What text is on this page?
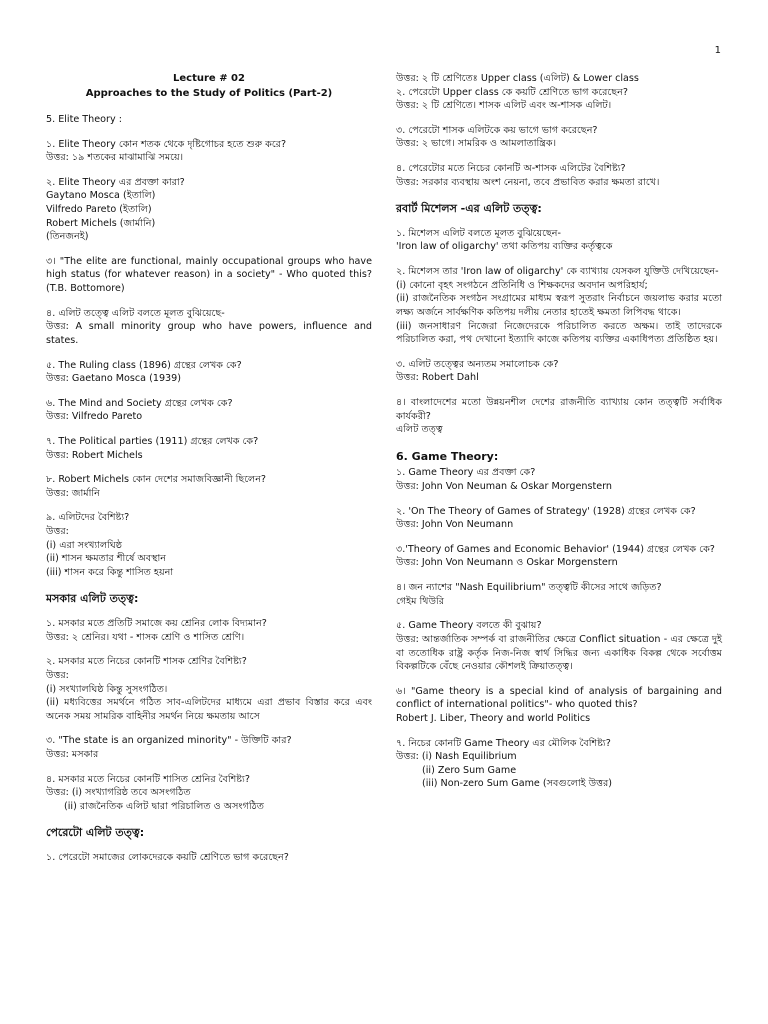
1
Lecture # 02
Approaches to the Study of Politics (Part-2)
5. Elite Theory :
১. Elite Theory কোন শতক থেকে দৃষ্টিগোচর হতে শুরু করে?
উত্তর: ১৯ শতকের মাঝামাঝি সময়ে।
২. Elite Theory এর প্রবক্তা কারা?
Gaytano Mosca (ইতালি)
Vilfredo Pareto (ইতালি)
Robert Michels (জার্মানি)
(তিনজনই)
৩। "The elite are functional, mainly occupational groups who have high status (for whatever reason) in a society" - Who quoted this? (T.B. Bottomore)
৪. এলিট তত্ত্বে এলিট বলতে মূলত বুঝিয়েছে-
উত্তর: A small minority group who have powers, influence and states.
৫. The Ruling class (1896) গ্রন্থের লেখক কে?
উত্তর: Gaetano Mosca (1939)
৬. The Mind and Society গ্রন্থের লেখক কে?
উত্তর: Vilfredo Pareto
৭. The Political parties (1911) গ্রন্থের লেখক কে?
উত্তর: Robert Michels
৮. Robert Michels কোন দেশের সমাজবিজ্ঞানী ছিলেন?
উত্তর: জার্মানি
৯. এলিটদের বৈশিষ্ট্য?
উত্তর:
(i) এরা সংখ্যালঘিষ্ঠ
(ii) শাসন ক্ষমতার শীর্ষে অবস্থান
(iii) শাসন করে কিন্তু শাসিত হয়না
মসকার এলিট তত্ত্ব:
১. মসকার মতে প্রতিটি সমাজে কয় শ্রেনির লোক বিদ্যমান?
উত্তর: ২ শ্রেনির। যথা - শাসক শ্রেণি ও শাসিত শ্রেণি।
২. মসকার মতে নিচের কোনটি শাসক শ্রেণির বৈশিষ্ট্য?
উত্তর:
(i) সংখ্যালঘিষ্ঠ কিন্তু সুসংগঠিত।
(ii) মধ্যবিত্তের সমর্থনে গঠিত সাব-এলিটদের মাধ্যমে এরা প্রভাব বিস্তার করে এবং অনেক সময় সামরিক বাহিনীর সমর্থন নিয়ে ক্ষমতায় আসে
৩. "The state is an organized minority" - উক্তিটি কার?
উত্তর: মসকার
৪. মসকার মতে নিচের কোনটি শাসিত শ্রেনির বৈশিষ্ট্য?
উত্তর: (i) সংখ্যাগরিষ্ঠ তবে অসংগঠিত
(ii) রাজনৈতিক এলিট দ্বারা পরিচালিত ও অসংগঠিত
পেরেটো এলিট তত্ত্ব:
১. পেরেটো সমাজের লোকদেরকে কয়টি শ্রেণিতে ভাগ করেছেন?
উত্তর: ২ টি শ্রেণিতেঃ Upper class (এলিট) & Lower class
২. পেরেটো Upper class কে কয়টি শ্রেণিতে ভাগ করেছেন?
উত্তর: ২ টি শ্রেণিতে। শাসক এলিট এবং অ-শাসক এলিট।
৩. পেরেটো শাসক এলিটকে কয় ভাগে ভাগ করেছেন?
উত্তর: ২ ভাগে। সামরিক ও আমলাতান্ত্রিক।
৪. পেরেটোর মতে নিচের কোনটি অ-শাসক এলিটের বৈশিষ্ট্য?
উত্তর: সরকার ব্যবস্থায় অংশ নেয়না, তবে প্রভাবিত করার ক্ষমতা রাখে।
রবার্ট মিশেলস -এর এলিট তত্ত্ব:
১. মিশেলস এলিট বলতে মূলত বুঝিয়েছেন-
'Iron law of oligarchy' তথা কতিপয় ব্যক্তির কর্তৃত্বকে
২. মিশেলস তার 'Iron law of oligarchy' কে ব্যাখ্যায় যেসকল যুক্তিউ দেখিয়েছেন-
(i) কোনো বৃহৎ সংগঠনে প্রতিনিধি ও শিক্ষকদের অবদান অপরিহার্য;
(ii) রাজনৈতিক সংগঠন সংগ্রামের মাধ্যম স্বরূপ সুতরাং নির্বাচনে জয়লাভ করার মতো লক্ষ্য অর্জনে সার্বক্ষণিক কতিপয় দলীয় নেতার হাতেই ক্ষমতা লিপিবদ্ধ থাকে।
(iii) জনসাধারণ নিজেরা নিজেদেরকে পরিচালিত করতে অক্ষম। তাই তাদেরকে পরিচালিত করা, পথ দেখানো ইত্যাদি কাজে কতিপয় ব্যক্তির একাধিপত্য প্রতিষ্ঠিত হয়।
৩. এলিট তত্ত্বের অন্যতম সমালোচক কে?
উত্তর: Robert Dahl
৪। বাংলাদেশের মতো উন্নয়নশীল দেশের রাজনীতি ব্যাখ্যায় কোন তত্ত্বটি সর্বাধিক কার্যকরী?
এলিট তত্ত্ব
6. Game Theory:
১. Game Theory এর প্রবক্তা কে?
উত্তর: John Von Neuman & Oskar Morgenstern
২. 'On The Theory of Games of Strategy' (1928) গ্রন্থের লেখক কে?
উত্তর: John Von Neumann
৩.'Theory of Games and Economic Behavior' (1944) গ্রন্থের লেখক কে?
উত্তর: John Von Neumann ও Oskar Morgenstern
৪। জন ন্যাশের "Nash Equilibrium" তত্ত্বটি কীসের সাথে জড়িত?
গেইম থিউরি
৫. Game Theory বলতে কী বুঝায়?
উত্তর: আন্তর্জাতিক সম্পর্ক বা রাজনীতির ক্ষেত্রে Conflict situation - এর ক্ষেত্রে দুই বা ততোধিক রাষ্ট্র কর্তৃক নিজ-নিজ স্বার্থ সিদ্ধির জন্য একাধিক বিকল্প থেকে সর্বোত্তম বিকল্পটিকে বেঁছে নেওয়ার কৌশলই ক্রিয়াতত্ত্ব।
৬। "Game theory is a special kind of analysis of bargaining and conflict of international politics"- who quoted this?
Robert J. Liber, Theory and world Politics
৭. নিচের কোনটি Game Theory এর মৌলিক বৈশিষ্ট্য?
উত্তর: (i) Nash Equilibrium
(ii) Zero Sum Game
(iii) Non-zero Sum Game (সবগুলোই উত্তর)
